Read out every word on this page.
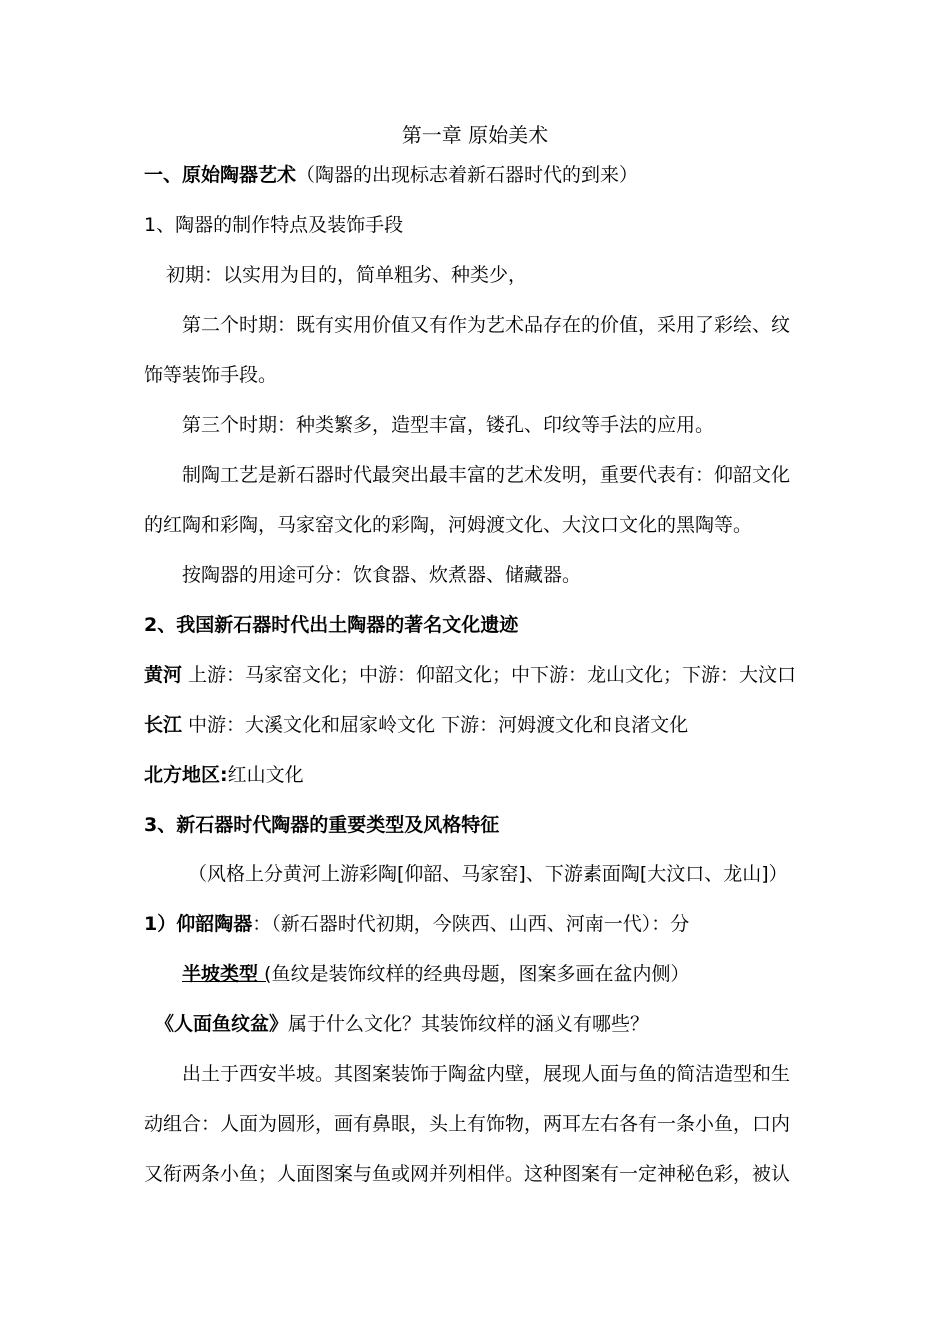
第一章 原始美术
一、原始陶器艺术（陶器的出现标志着新石器时代的到来）
1、陶器的制作特点及装饰手段
初期：以实用为目的，简单粗劣、种类少，
第二个时期：既有实用价值又有作为艺术品存在的价值，采用了彩绘、纹
饰等装饰手段。
第三个时期：种类繁多，造型丰富，镂孔、印纹等手法的应用。
制陶工艺是新石器时代最突出最丰富的艺术发明，重要代表有：仰韶文化
的红陶和彩陶，马家窑文化的彩陶，河姆渡文化、大汶口文化的黑陶等。
按陶器的用途可分：饮食器、炊煮器、储藏器。
2、我国新石器时代出土陶器的著名文化遗迹
黄河 上游：马家窑文化；中游：仰韶文化；中下游：龙山文化；下游：大汶口
长江 中游：大溪文化和屈家岭文化 下游：河姆渡文化和良渚文化
北方地区:红山文化
3、新石器时代陶器的重要类型及风格特征
（风格上分黄河上游彩陶[仰韶、马家窑]、下游素面陶[大汶口、龙山]）
1）仰韶陶器：（新石器时代初期，今陕西、山西、河南一代）：分
半坡类型 (鱼纹是装饰纹样的经典母题，图案多画在盆内侧）
《人面鱼纹盆》属于什么文化？其装饰纹样的涵义有哪些？
出土于西安半坡。其图案装饰于陶盆内壁，展现人面与鱼的简洁造型和生
动组合：人面为圆形，画有鼻眼，头上有饰物，两耳左右各有一条小鱼，口内
又衔两条小鱼；人面图案与鱼或网并列相伴。这种图案有一定神秘色彩，被认
